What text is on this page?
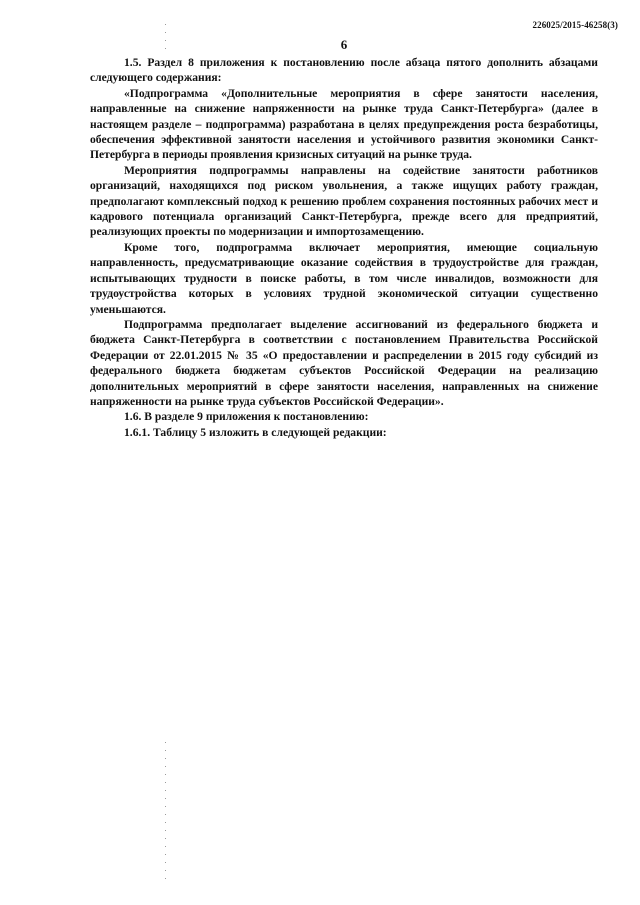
226025/2015-46258(3)
6

1.5. Раздел 8 приложения к постановлению после абзаца пятого дополнить абзацами следующего содержания:

«Подпрограмма «Дополнительные мероприятия в сфере занятости населения, направленные на снижение напряженности на рынке труда Санкт-Петербурга» (далее в настоящем разделе – подпрограмма) разработана в целях предупреждения роста безработицы, обеспечения эффективной занятости населения и устойчивого развития экономики Санкт-Петербурга в периоды проявления кризисных ситуаций на рынке труда.

Мероприятия подпрограммы направлены на содействие занятости работников организаций, находящихся под риском увольнения, а также ищущих работу граждан, предполагают комплексный подход к решению проблем сохранения постоянных рабочих мест и кадрового потенциала организаций Санкт-Петербурга, прежде всего для предприятий, реализующих проекты по модернизации и импортозамещению.

Кроме того, подпрограмма включает мероприятия, имеющие социальную направленность, предусматривающие оказание содействия в трудоустройстве для граждан, испытывающих трудности в поиске работы, в том числе инвалидов, возможности для трудоустройства которых в условиях трудной экономической ситуации существенно уменьшаются.

Подпрограмма предполагает выделение ассигнований из федерального бюджета и бюджета Санкт-Петербурга в соответствии с постановлением Правительства Российской Федерации от 22.01.2015 № 35 «О предоставлении и распределении в 2015 году субсидий из федерального бюджета бюджетам субъектов Российской Федерации на реализацию дополнительных мероприятий в сфере занятости населения, направленных на снижение напряженности на рынке труда субъектов Российской Федерации».

1.6. В разделе 9 приложения к постановлению:

1.6.1. Таблицу 5 изложить в следующей редакции:
